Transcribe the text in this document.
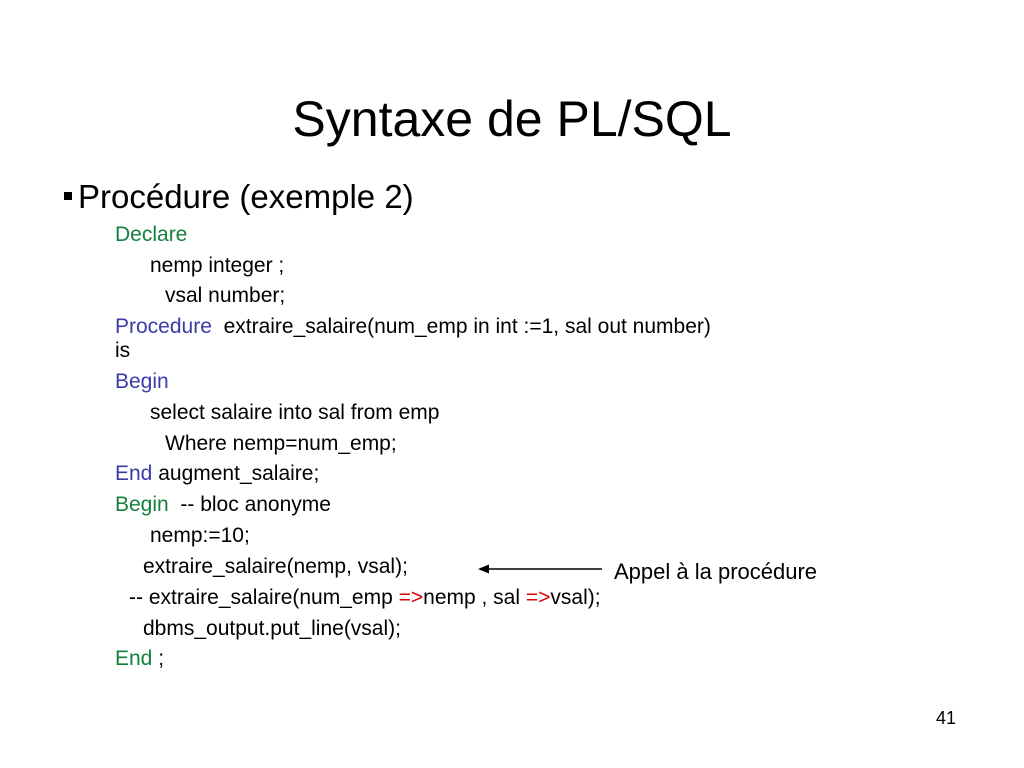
Syntaxe de PL/SQL
Procédure (exemple 2)
Declare
nemp integer ;
vsal number;
Procedure extraire_salaire(num_emp in int :=1, sal out number)
is
Begin
select salaire into sal from emp
Where nemp=num_emp;
End augment_salaire;
Begin -- bloc anonyme
nemp:=10;
extraire_salaire(nemp, vsal);	Appel à la procédure
-- extraire_salaire(num_emp =>nemp , sal =>vsal);
dbms_output.put_line(vsal);
End ;
41
